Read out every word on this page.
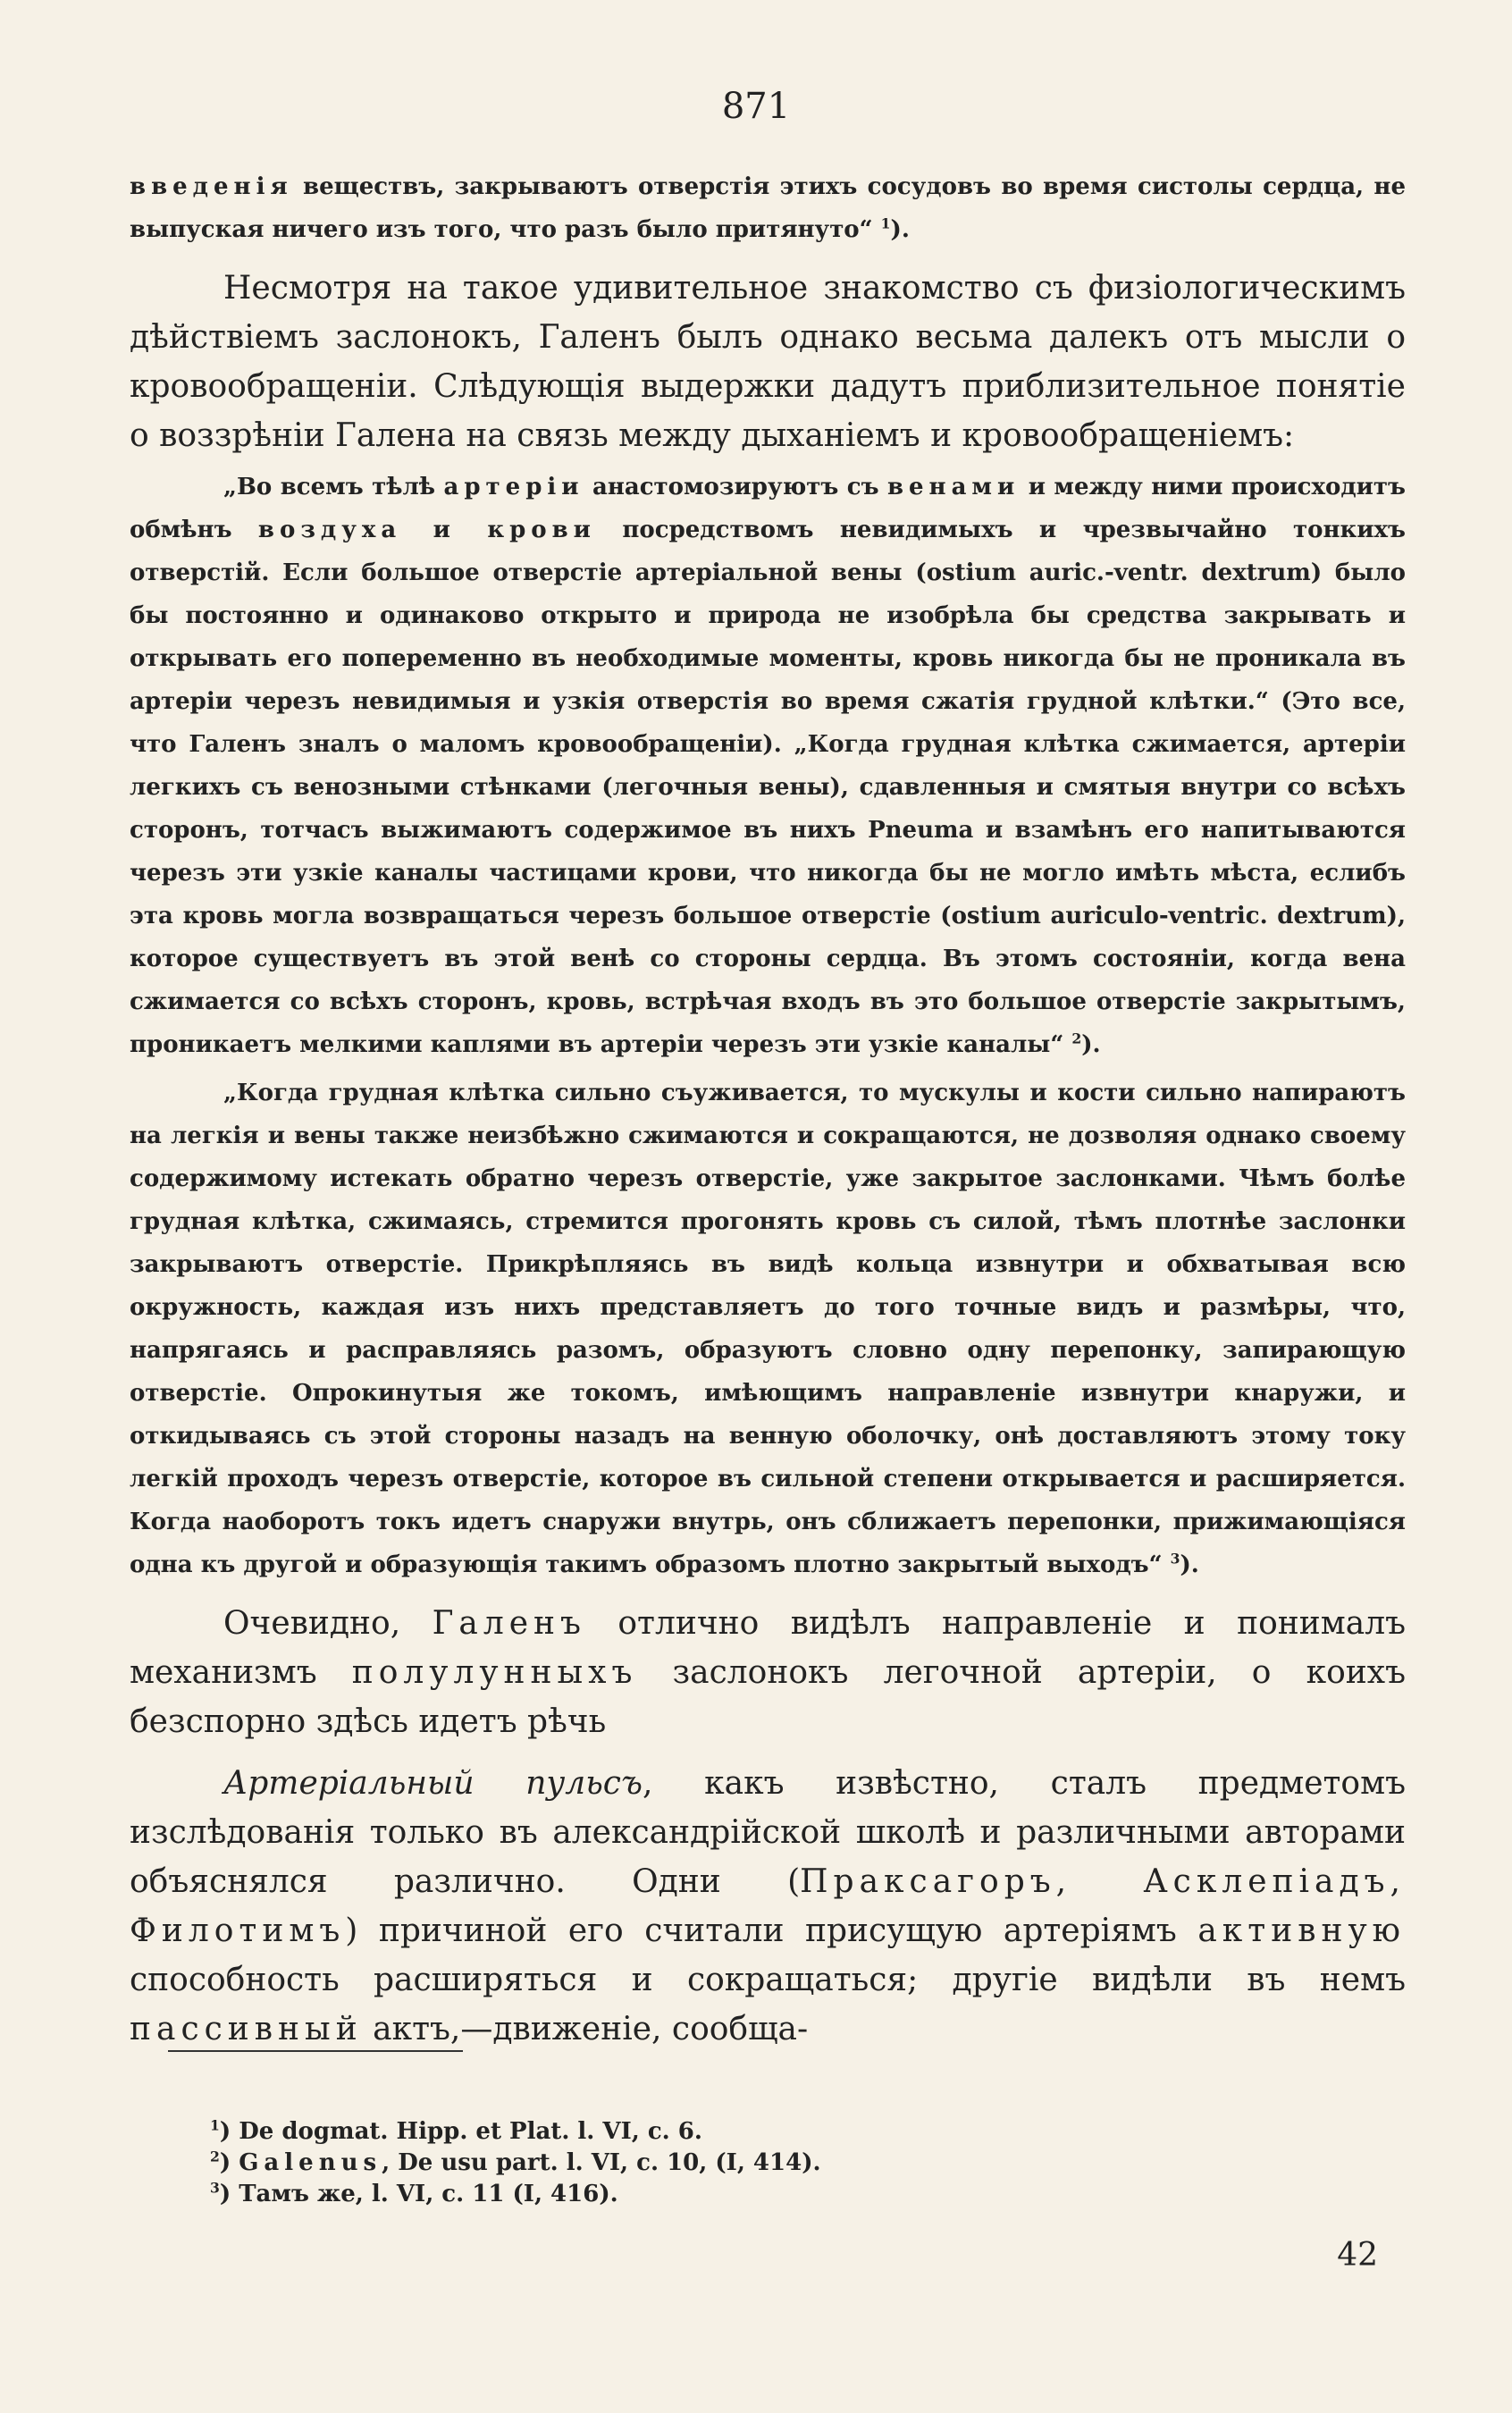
871

введенія веществъ, закрываютъ отверстія этихъ сосудовъ во время систолы сердца, не выпуская ничего изъ того, что разъ было притянуто“ $^1$).

Несмотря на такое удивительное знакомство съ физіологическимъ дѣйствіемъ заслонокъ, Галенъ былъ однако весьма далекъ отъ мысли о кровообращеніи. Слѣдующія выдержки дадутъ приблизительное понятіе о воззрѣніи Галена на связь между дыханіемъ и кровообращеніемъ:

„Во всемъ тѣлѣ артеріи анастомозируютъ съ венами и между ними происходитъ обмѣнъ воздуха и крови посредствомъ невидимыхъ и чрезвычайно тонкихъ отверстій. Если большое отверстіе артеріальной вены (ostium auric.-ventr. dextrum) было бы постоянно и одинаково открыто и природа не изобрѣла бы средства закрывать и открывать его попеременно въ необходимые моменты, кровь никогда бы не проникала въ артеріи черезъ невидимыя и узкія отверстія во время сжатія грудной клѣтки.“ (Это все, что Галенъ зналъ о маломъ кровообращеніи). „Когда грудная клѣтка сжимается, артеріи легкихъ съ венозными стѣнками (легочныя вены), сдавленныя и смятыя внутри со всѣхъ сторонъ, тотчасъ выжимаютъ содержимое въ нихъ Pneuma и взамѣнъ его напитываются черезъ эти узкіе каналы частицами крови, что никогда бы не могло имѣть мѣста, еслибъ эта кровь могла возвращаться черезъ большое отверстіе (ostium auriculo-ventric. dextrum), которое существуетъ въ этой венѣ со стороны сердца. Въ этомъ состояніи, когда вена сжимается со всѣхъ сторонъ, кровь, встрѣчая входъ въ это большое отверстіе закрытымъ, проникаетъ мелкими каплями въ артеріи черезъ эти узкіе каналы“ $^2$).

„Когда грудная клѣтка сильно съуживается, то мускулы и кости сильно напираютъ на легкія и вены также неизбѣжно сжимаются и сокращаются, не дозволяя однако своему содержимому истекать обратно черезъ отверстіе, уже закрытое заслонками. Чѣмъ болѣе грудная клѣтка, сжимаясь, стремится прогонять кровь съ силой, тѣмъ плотнѣе заслонки закрываютъ отверстіе. Прикрѣпляясь въ видѣ кольца извнутри и обхватывая всю окружность, каждая изъ нихъ представляетъ до того точные видъ и размѣры, что, напрягаясь и расправляясь разомъ, образуютъ словно одну перепонку, запирающую отверстіе. Опрокинутыя же токомъ, имѣющимъ направленіе извнутри кнаружи, и откидываясь съ этой стороны назадъ на венную оболочку, онѣ доставляютъ этому току легкій проходъ черезъ отверстіе, которое въ сильной степени открывается и расширяется. Когда наоборотъ токъ идетъ снаружи внутрь, онъ сближаетъ перепонки, прижимающіяся одна къ другой и образующія такимъ образомъ плотно закрытый выходъ“ $^3$).

Очевидно, Галенъ отлично видѣлъ направленіе и понималъ механизмъ полулунныхъ заслонокъ легочной артеріи, о коихъ безспорно здѣсь идетъ рѣчь

Артеріальный пульсъ, какъ извѣстно, сталъ предметомъ изслѣдованія только въ александрійской школѣ и различными авторами объяснялся различно. Одни (Праксагоръ, Асклепіадъ, Филотимъ) причиной его считали присущую артеріямъ активную способность расширяться и сокращаться; другіе видѣли въ немъ пассивный актъ,—движеніе, сообща-

$^1$) De dogmat. Hipp. et Plat. l. VI, c. 6.
$^2$) Galenus, De usu part. l. VI, c. 10, (I, 414).
$^3$) Тамъ же, l. VI, c. 11 (I, 416).
42
